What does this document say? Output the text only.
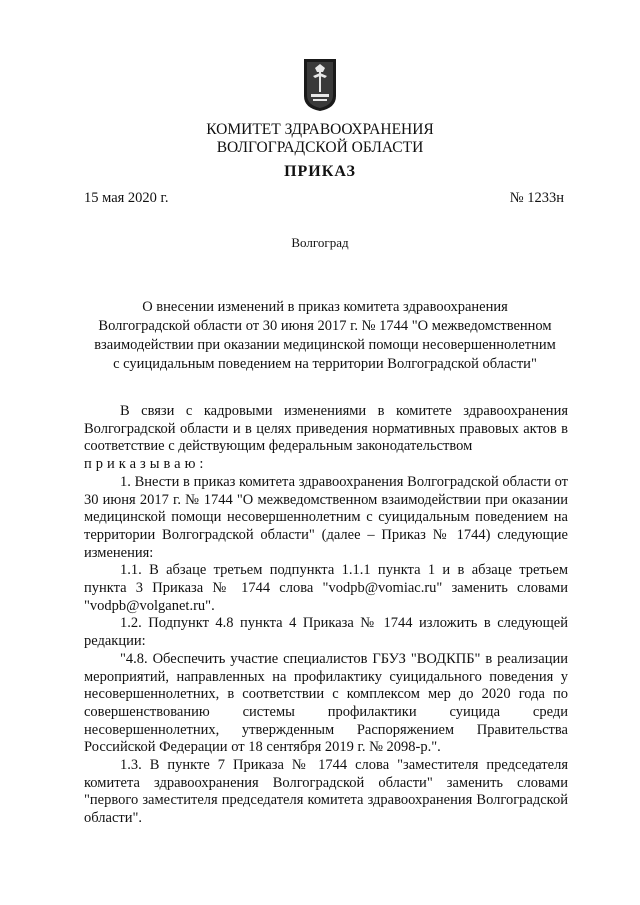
КОМИТЕТ ЗДРАВООХРАНЕНИЯ
ВОЛГОГРАДСКОЙ ОБЛАСТИ
ПРИКАЗ
15 мая 2020 г.	№ 1233н
Волгоград
О внесении изменений в приказ комитета здравоохранения
Волгоградской области от 30 июня 2017 г. № 1744 "О межведомственном
взаимодействии при оказании медицинской помощи несовершеннолетним
с суицидальным поведением на территории Волгоградской области"

В связи с кадровыми изменениями в комитете здравоохранения Волгоградской области и в целях приведения нормативных правовых актов в соответствие с действующим федеральным законодательством

приказываю:

1. Внести в приказ комитета здравоохранения Волгоградской области от 30 июня 2017 г. № 1744 "О межведомственном взаимодействии при оказании медицинской помощи несовершеннолетним с суицидальным поведением на территории Волгоградской области" (далее – Приказ № 1744) следующие изменения:

1.1. В абзаце третьем подпункта 1.1.1 пункта 1 и в абзаце третьем пункта 3 Приказа № 1744 слова "vodpb@vomiac.ru" заменить словами "vodpb@volganet.ru".

1.2. Подпункт 4.8 пункта 4 Приказа № 1744 изложить в следующей редакции:

"4.8. Обеспечить участие специалистов ГБУЗ "ВОДКПБ" в реализации мероприятий, направленных на профилактику суицидального поведения у несовершеннолетних, в соответствии с комплексом мер до 2020 года по совершенствованию системы профилактики суицида среди несовершеннолетних, утвержденным Распоряжением Правительства Российской Федерации от 18 сентября 2019 г. № 2098-р.".

1.3. В пункте 7 Приказа № 1744 слова "заместителя председателя комитета здравоохранения Волгоградской области" заменить словами "первого заместителя председателя комитета здравоохранения Волгоградской области".
